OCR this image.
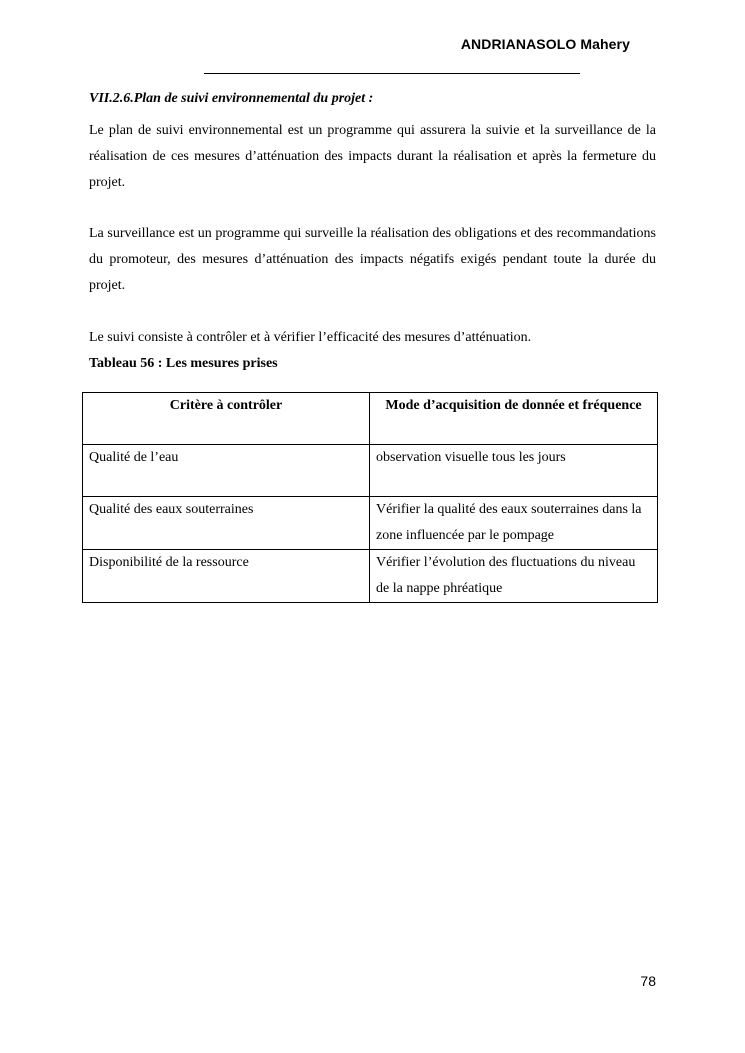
ANDRIANASOLO Mahery
VII.2.6.Plan de suivi environnemental du projet :

Le plan de suivi environnemental est un programme qui assurera la suivie et la surveillance de la réalisation de ces mesures d’atténuation des impacts durant la réalisation et après la fermeture du projet.

La surveillance est un programme qui surveille la réalisation des obligations et des recommandations du promoteur, des mesures d’atténuation des impacts négatifs exigés pendant toute la durée du projet.

Le suivi consiste à contrôler et à vérifier l’efficacité des mesures d’atténuation.

Tableau 56 : Les mesures prises
Critère à contrôler	Mode d’acquisition de donnée et fréquence
Qualité de l’eau	observation visuelle tous les jours
Qualité des eaux souterraines	Vérifier la qualité des eaux souterraines dans la zone influencée par le pompage
Disponibilité de la ressource	Vérifier l’évolution des fluctuations du niveau de la nappe phréatique
78
